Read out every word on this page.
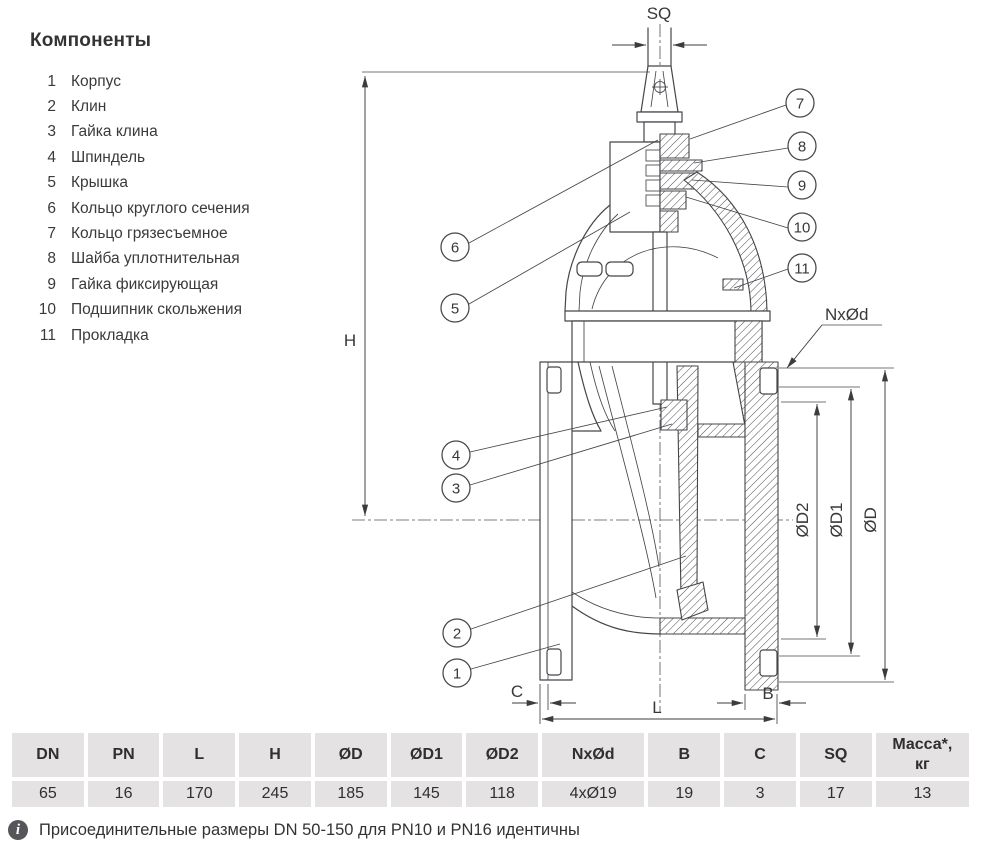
Компоненты
1 Корпус
2 Клин
3 Гайка клина
4 Шпиндель
5 Крышка
6 Кольцо круглого сечения
7 Кольцо грязесъемное
8 Шайба уплотнительная
9 Гайка фиксирующая
10 Подшипник скольжения
11 Прокладка	H
SQ
NxØd
ØD2 ØD1 ØD
C
L
B
1
2
3
4
5
6
7
8
9
10
11
DN	PN	L	H	ØD	ØD1	ØD2	NxØd	B	C	SQ	Масса*,
кг

65	16	170	245	185	145	118	4xØ19	19	3	17	13
i	Присоединительные размеры DN 50-150 для PN10 и PN16 идентичны
